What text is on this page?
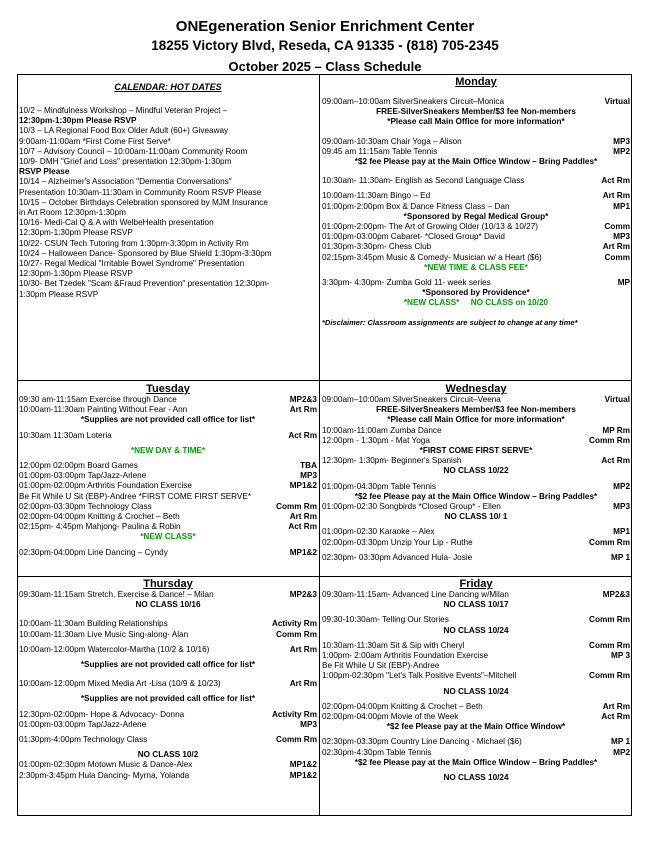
ONEgeneration Senior Enrichment Center
18255 Victory Blvd, Reseda, CA 91335 - (818) 705-2345
October 2025 – Class Schedule
CALENDAR: HOT DATES
10/2 – Mindfulness Workshop – Mindful Veteran Project –
12:30pm-1:30pm Please RSVP
10/3 – LA Regional Food Box Older Adult (60+) Giveaway
9:00am-11:00am *First Come First Serve*
10/7 – Advisory Council – 10:00am-11:00am Community Room
10/9- DMH "Grief and Loss" presentation 12:30pm-1:30pm
RSVP Please
10/14 – Alzheimer's Association "Dementia Conversations"
Presentation 10:30am-11:30am in Community Room RSVP Please
10/15 – October Birthdays Celebration sponsored by MJM Insurance
in Art Room 12:30pm-1:30pm
10/16- Medi-Cal Q & A with WelbeHealth presentation
12:30pm-1:30pm Please RSVP
10/22- CSUN Tech Tutoring from 1:30pm-3:30pm in Activity Rm
10/24 – Halloween Dance- Sponsored by Blue Shield 1:30pm-3:30pm
10/27- Regal Medical "Irritable Bowel Syndrome" Presentation
12:30pm-1:30pm Please RSVP
10/30- Bet Tzedek "Scam &Fraud Prevention" presentation 12:30pm-
1:30pm Please RSVP
Monday
09:00am–10:00am SilverSneakers Circuit–Monica	Virtual
FREE-SilverSneakers Member/$3 fee Non-members
*Please call Main Office for more information*
09:00am-10:30am Chair Yoga – Alison	MP3
09:45 am 11:15am Table Tennis	MP2
*$2 fee Please pay at the Main Office Window – Bring Paddles*
10:30am- 11:30am- English as Second Language Class	Act Rm
10:00am-11:30am Bingo – Ed	Art Rm
01:00pm-2:00pm Box & Dance Fitness Class – Dan	MP1
*Sponsored by Regal Medical Group*
01:00pm-2:00pm- The Art of Growing Older (10/13 & 10/27)	Comm
01:00pm-03:00pm Cabaret- *Closed Group* David	MP3
01:30pm-3:30pm- Chess Club	Art Rm
02:15pm-3:45pm Music & Comedy- Musician w/ a Heart ($6)	Comm
*NEW TIME & CLASS FEE*
3:30pm- 4:30pm- Zumba Gold 11- week series	MP
*Sponsored by Providence*
*NEW CLASS* NO CLASS on 10/20
*Disclaimer: Classroom assignments are subject to change at any time*
Tuesday
09:30 am-11:15am Exercise through Dance	MP2&3
10:00am-11:30am Painting Without Fear - Ann	Art Rm
*Supplies are not provided call office for list*
10:30am 11:30am Loteria	Act Rm
*NEW DAY & TIME*
12:00pm 02:00pm Board Games	TBA
01:00pm-03:00pm Tap/Jazz-Arlene	MP3
01:00pm-02:00pm Arthritis Foundation Exercise	MP1&2
Be Fit While U Sit (EBP)-Andree *FIRST COME FIRST SERVE*
02:00pm-03:30pm Technology Class	Comm Rm
02:00pm-04:00pm Knitting & Crochet – Beth	Art Rm
02:15pm- 4:45pm Mahjong- Paulina & Robin	Act Rm
*NEW CLASS*
02:30pm-04:00pm Line Dancing – Cyndy	MP1&2
Wednesday
09:00am–10:00am SilverSneakers Circuit–Veena	Virtual
FREE-SilverSneakers Member/$3 fee Non-members
*Please call Main Office for more information*
10:00am-11:00am Zumba Dance	MP Rm
12:00pm - 1:30pm - Mat Yoga	Comm Rm
*FIRST COME FIRST SERVE*
12:30pm- 1:30pm- Beginner's Spanish	Act Rm
NO CLASS 10/22
01:00pm-04:30pm Table Tennis	MP2
*$2 fee Please pay at the Main Office Window – Bring Paddles*
01:00pm-02:30 Songbirds *Closed Group* - Ellen	MP3
NO CLASS 10/ 1
01:00pm-02:30 Karaoke – Alex	MP1
02:00pm-03:30pm Unzip Your Lip - Ruthe	Comm Rm
02:30pm- 03:30pm Advanced Hula- Josie	MP 1
Thursday
09:30am-11:15am Stretch, Exercise & Dance! – Milan	MP2&3
NO CLASS 10/16
10:00am-11:30am Building Relationships	Activity Rm
10:00am-11:30am Live Music Sing-along- Alan	Comm Rm
10:00am-12:00pm Watercolor-Martha (10/2 & 10/16)	Art Rm
*Supplies are not provided call office for list*
10:00am-12:00pm Mixed Media Art -Lisa (10/9 & 10/23)	Art Rm
*Supplies are not provided call office for list*
12:30pm-02:00pm- Hope & Advocacy- Donna	Activity Rm
01:00pm-03:00pm Tap/Jazz-Arlene	MP3
01:30pm-4:00pm Technology Class	Comm Rm
NO CLASS 10/2
01:00pm-02:30pm Motown Music & Dance-Alex	MP1&2
2:30pm-3:45pm Hula Dancing- Myrna, Yolanda	MP1&2
Friday
09:30am-11:15am- Advanced Line Dancing w/Milan	MP2&3
NO CLASS 10/17
09:30-10:30am- Telling Our Stories	Comm Rm
NO CLASS 10/24
10:30am-11:30am Sit & Sip with Cheryl	Comm Rm
1:00pm- 2:00am Arthritis Foundation Exercise	MP 3
Be Fit While U Sit (EBP)-Andree
1:00pm-02:30pm "Let's Talk Positive Events"–Mitchell	Comm Rm
NO CLASS 10/24
02:00pm-04:00pm Knitting & Crochet – Beth	Art Rm
02:00pm-04:00pm Movie of the Week	Act Rm
*$2 fee Please pay at the Main Office Window*
02:30pm-03:30pm Country Line Dancing - Michael ($6)	MP 1
02:30pm-4:30pm Table Tennis	MP2
*$2 fee Please pay at the Main Office Window – Bring Paddles*
NO CLASS 10/24
